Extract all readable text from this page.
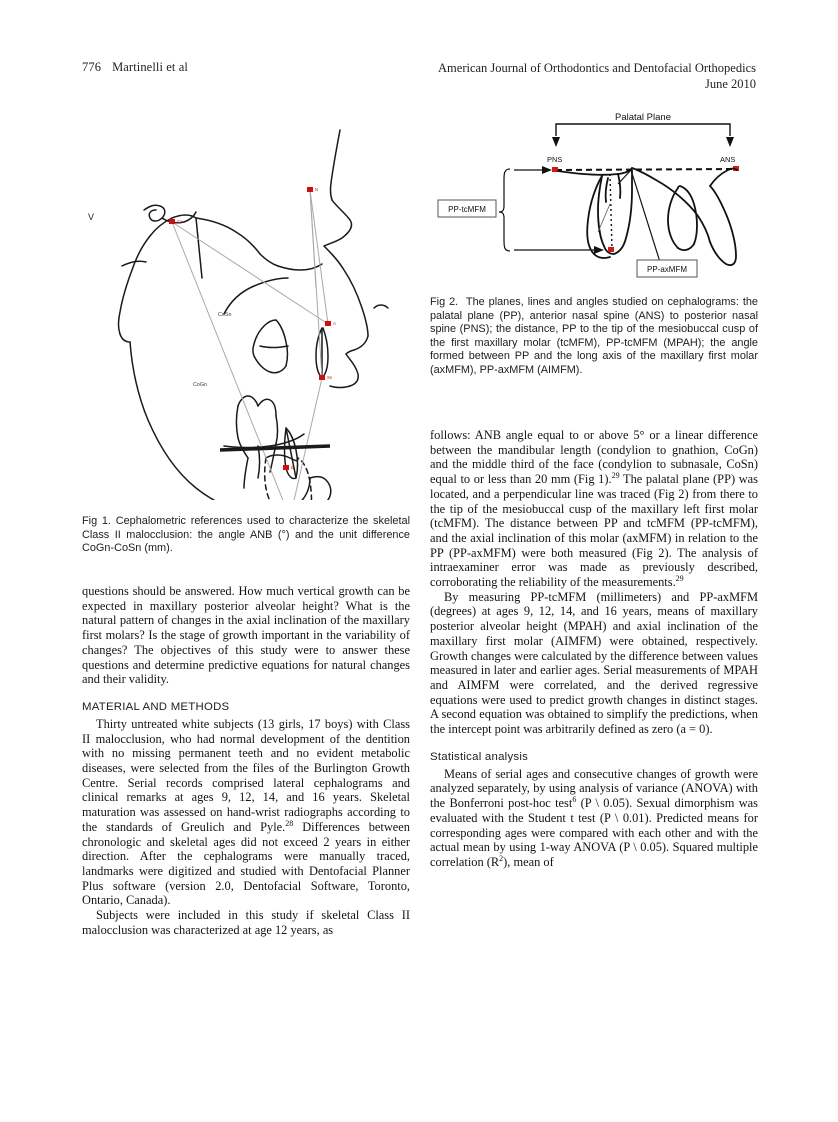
776 Martinelli et al	American Journal of Orthodontics and Dentofacial Orthopedics
June 2010
Co
N
A
Sn
B
V
CoSn
CoGn

Fig 1. Cephalometric references used to characterize the skeletal Class II malocclusion: the angle ANB (°) and the unit difference CoGn-CoSn (mm).

Palatal Plane
PNS	ANS
PP-tcMFM
PP-axMFM

Fig 2. The planes, lines and angles studied on cephalograms: the palatal plane (PP), anterior nasal spine (ANS) to posterior nasal spine (PNS); the distance, PP to the tip of the mesiobuccal cusp of the first maxillary molar (tcMFM), PP-tcMFM (MPAH); the angle formed between PP and the long axis of the maxillary first molar (axMFM), PP-axMFM (AIMFM).

questions should be answered. How much vertical growth can be expected in maxillary posterior alveolar height? What is the natural pattern of changes in the axial inclination of the maxillary first molars? Is the stage of growth important in the variability of changes? The objectives of this study were to answer these questions and determine predictive equations for natural changes and their validity.

MATERIAL AND METHODS

Thirty untreated white subjects (13 girls, 17 boys) with Class II malocclusion, who had normal development of the dentition with no missing permanent teeth and no evident metabolic diseases, were selected from the files of the Burlington Growth Centre. Serial records comprised lateral cephalograms and clinical remarks at ages 9, 12, 14, and 16 years. Skeletal maturation was assessed on hand-wrist radiographs according to the standards of Greulich and Pyle.$^{28}$ Differences between chronologic and skeletal ages did not exceed 2 years in either direction. After the cephalograms were manually traced, landmarks were digitized and studied with Dentofacial Planner Plus software (version 2.0, Dentofacial Software, Toronto, Ontario, Canada).

Subjects were included in this study if skeletal Class II malocclusion was characterized at age 12 years, as

follows: ANB angle equal to or above 5° or a linear difference between the mandibular length (condylion to gnathion, CoGn) and the middle third of the face (condylion to subnasale, CoSn) equal to or less than 20 mm (Fig 1).$^{29}$ The palatal plane (PP) was located, and a perpendicular line was traced (Fig 2) from there to the tip of the mesiobuccal cusp of the maxillary left first molar (tcMFM). The distance between PP and tcMFM (PP-tcMFM), and the axial inclination of this molar (axMFM) in relation to the PP (PP-axMFM) were both measured (Fig 2). The analysis of intraexaminer error was made as previously described, corroborating the reliability of the measurements.$^{29}$

By measuring PP-tcMFM (millimeters) and PP-axMFM (degrees) at ages 9, 12, 14, and 16 years, means of maxillary posterior alveolar height (MPAH) and axial inclination of the maxillary first molar (AIMFM) were obtained, respectively. Growth changes were calculated by the difference between values measured in later and earlier ages. Serial measurements of MPAH and AIMFM were correlated, and the derived regressive equations were used to predict growth changes in distinct stages. A second equation was obtained to simplify the predictions, when the intercept point was arbitrarily defined as zero (a = 0).

Statistical analysis

Means of serial ages and consecutive changes of growth were analyzed separately, by using analysis of variance (ANOVA) with the Bonferroni post-hoc test$^6$ (P \ 0.05). Sexual dimorphism was evaluated with the Student t test (P \ 0.01). Predicted means for corresponding ages were compared with each other and with the actual mean by using 1-way ANOVA (P \ 0.05). Squared multiple correlation (R$^2$), mean of
